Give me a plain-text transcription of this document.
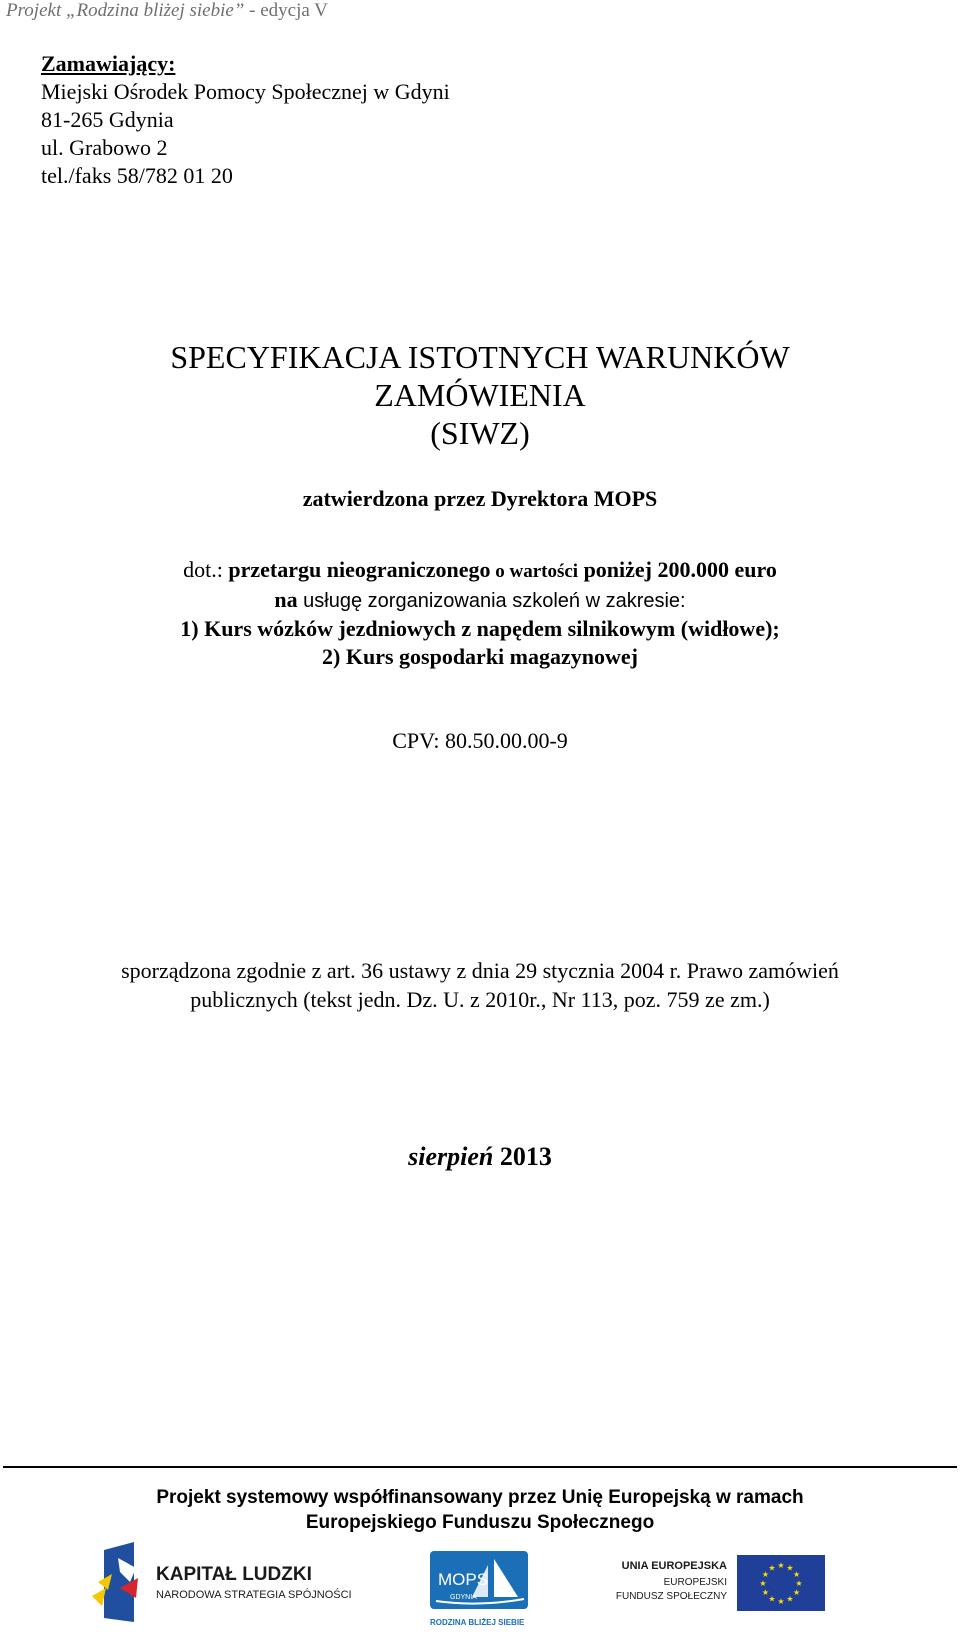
Projekt „Rodzina bliżej siebie” - edycja V
Zamawiający:
Miejski Ośrodek Pomocy Społecznej w Gdyni
81-265 Gdynia
ul. Grabowo 2
tel./faks 58/782 01 20
SPECYFIKACJA ISTOTNYCH WARUNKÓW
ZAMÓWIENIA
(SIWZ)
zatwierdzona przez Dyrektora MOPS
dot.: przetargu nieograniczonego o wartości poniżej 200.000 euro
na usługę zorganizowania szkoleń w zakresie:
1) Kurs wózków jezdniowych z napędem silnikowym (widłowe);
2) Kurs gospodarki magazynowej
CPV: 80.50.00.00-9
sporządzona zgodnie z art. 36 ustawy z dnia 29 stycznia 2004 r. Prawo zamówień
publicznych (tekst jedn. Dz. U. z 2010r., Nr 113, poz. 759 ze zm.)
sierpień 2013
Projekt systemowy współfinansowany przez Unię Europejską w ramach
Europejskiego Funduszu Społecznego
KAPITAŁ LUDZKI
NARODOWA STRATEGIA SPÓJNOŚCI
MOPS
GDYNIA
RODZINA BLIŻEJ SIEBIE
UNIA EUROPEJSKA
EUROPEJSKI
FUNDUSZ SPOŁECZNY
★ ★
★
★
★
★
★
★
★
★
★
★
